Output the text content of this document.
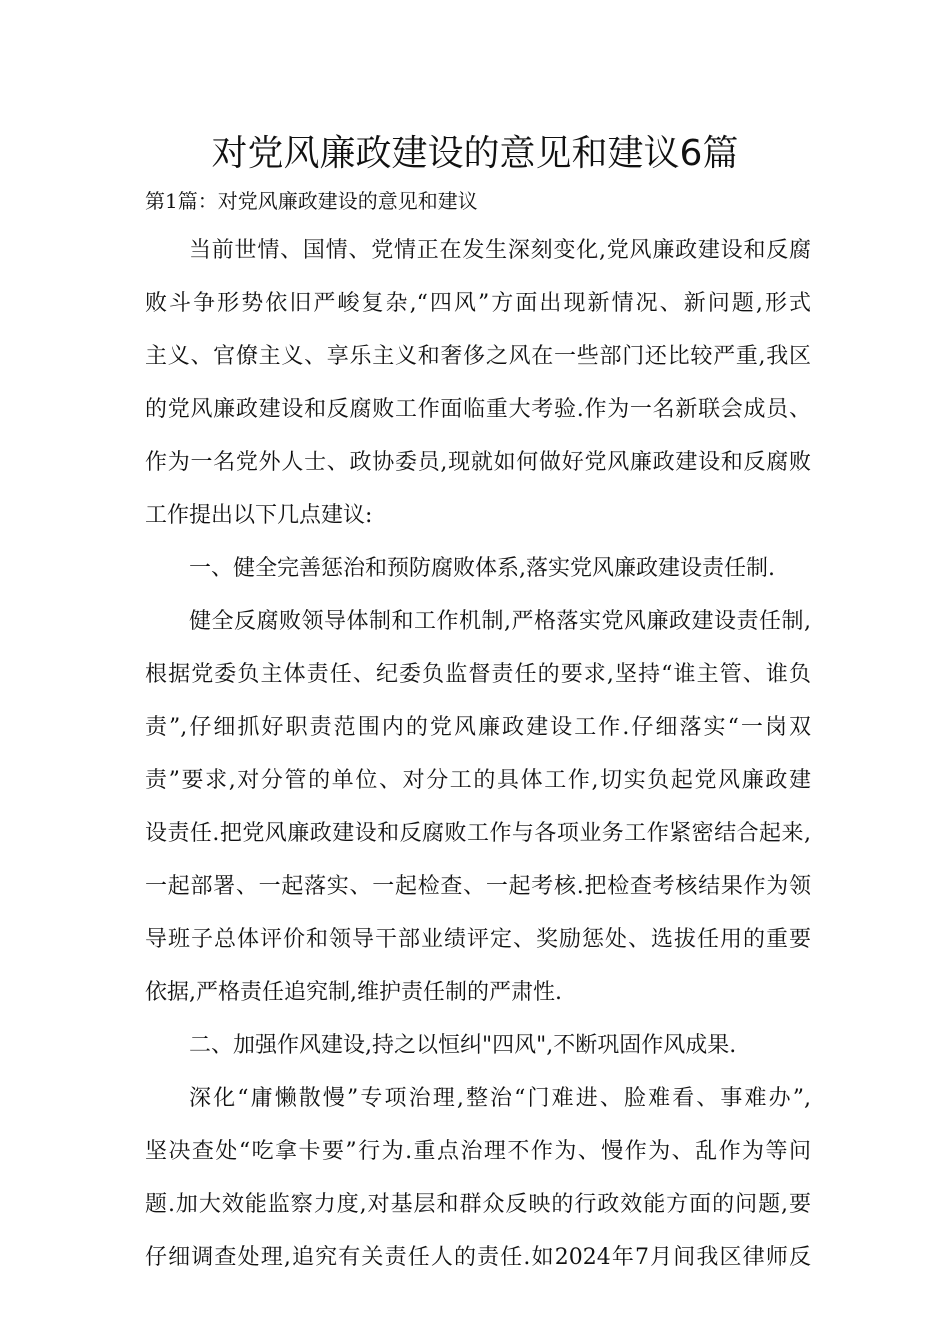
对党风廉政建设的意见和建议6篇
第1篇：对党风廉政建设的意见和建议
当前世情、国情、党情正在发生深刻变化,党风廉政建设和反腐
败斗争形势依旧严峻复杂,“四风”方面出现新情况、新问题,形式
主义、官僚主义、享乐主义和奢侈之风在一些部门还比较严重,我区
的党风廉政建设和反腐败工作面临重大考验.作为一名新联会成员、
作为一名党外人士、政协委员,现就如何做好党风廉政建设和反腐败
工作提出以下几点建议:
一、健全完善惩治和预防腐败体系,落实党风廉政建设责任制.
健全反腐败领导体制和工作机制,严格落实党风廉政建设责任制,
根据党委负主体责任、纪委负监督责任的要求,坚持“谁主管、谁负
责”,仔细抓好职责范围内的党风廉政建设工作.仔细落实“一岗双
责”要求,对分管的单位、对分工的具体工作,切实负起党风廉政建
设责任.把党风廉政建设和反腐败工作与各项业务工作紧密结合起来,
一起部署、一起落实、一起检查、一起考核.把检查考核结果作为领
导班子总体评价和领导干部业绩评定、奖励惩处、选拔任用的重要
依据,严格责任追究制,维护责任制的严肃性.
二、加强作风建设,持之以恒纠"四风",不断巩固作风成果.
深化“庸懒散慢”专项治理,整治“门难进、脸难看、事难办”,
坚决查处“吃拿卡要”行为.重点治理不作为、慢作为、乱作为等问
题.加大效能监察力度,对基层和群众反映的行政效能方面的问题,要
仔细调查处理,追究有关责任人的责任.如2024年7月间我区律师反
